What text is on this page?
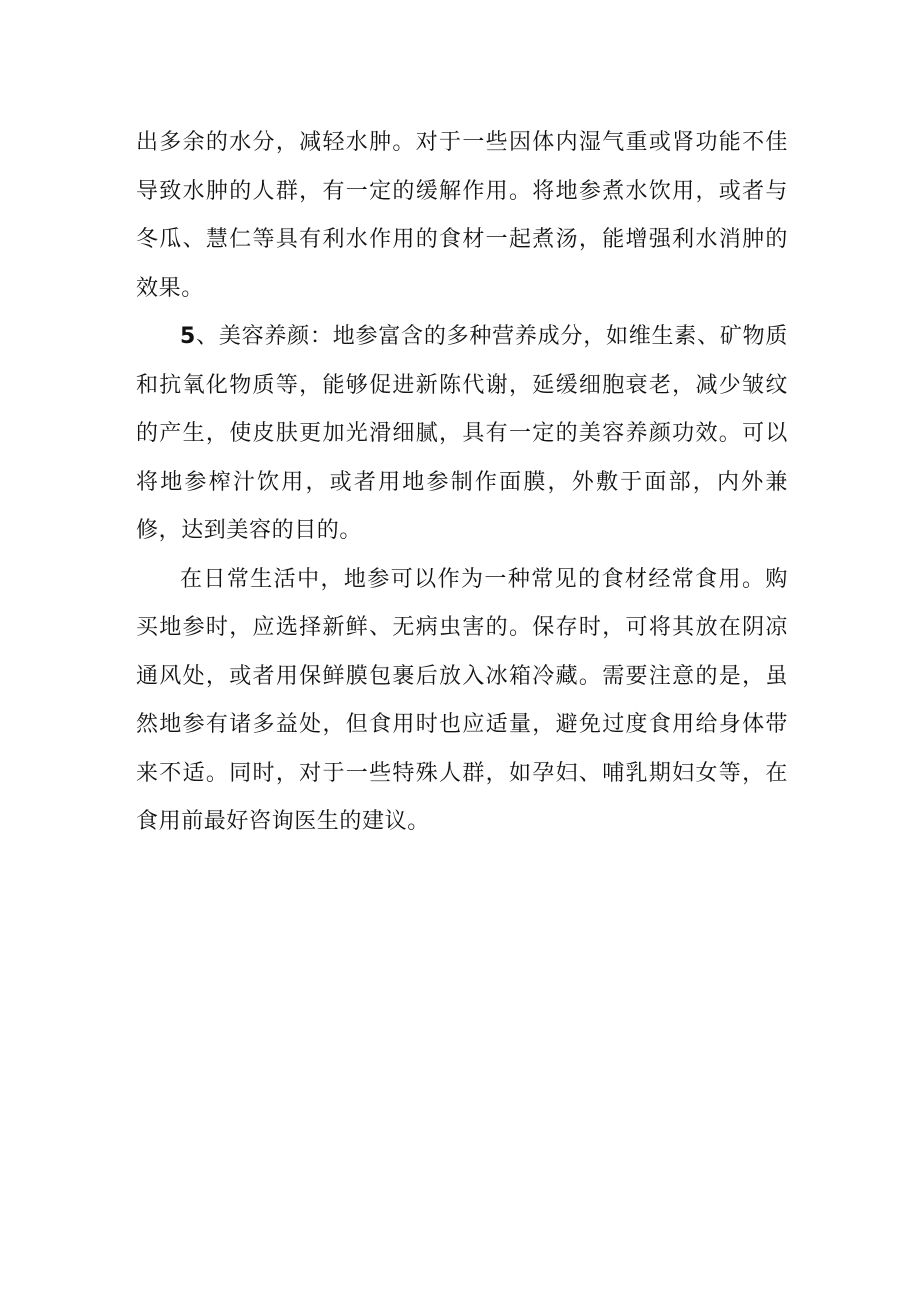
出多余的水分，减轻水肿。对于一些因体内湿气重或肾功能不佳导致水肿的人群，有一定的缓解作用。将地参煮水饮用，或者与冬瓜、慧仁等具有利水作用的食材一起煮汤，能增强利水消肿的效果。

5、美容养颜：地参富含的多种营养成分，如维生素、矿物质和抗氧化物质等，能够促进新陈代谢，延缓细胞衰老，减少皱纹的产生，使皮肤更加光滑细腻，具有一定的美容养颜功效。可以将地参榨汁饮用，或者用地参制作面膜，外敷于面部，内外兼修，达到美容的目的。

在日常生活中，地参可以作为一种常见的食材经常食用。购买地参时，应选择新鲜、无病虫害的。保存时，可将其放在阴凉通风处，或者用保鲜膜包裹后放入冰箱冷藏。需要注意的是，虽然地参有诸多益处，但食用时也应适量，避免过度食用给身体带来不适。同时，对于一些特殊人群，如孕妇、哺乳期妇女等，在食用前最好咨询医生的建议。
